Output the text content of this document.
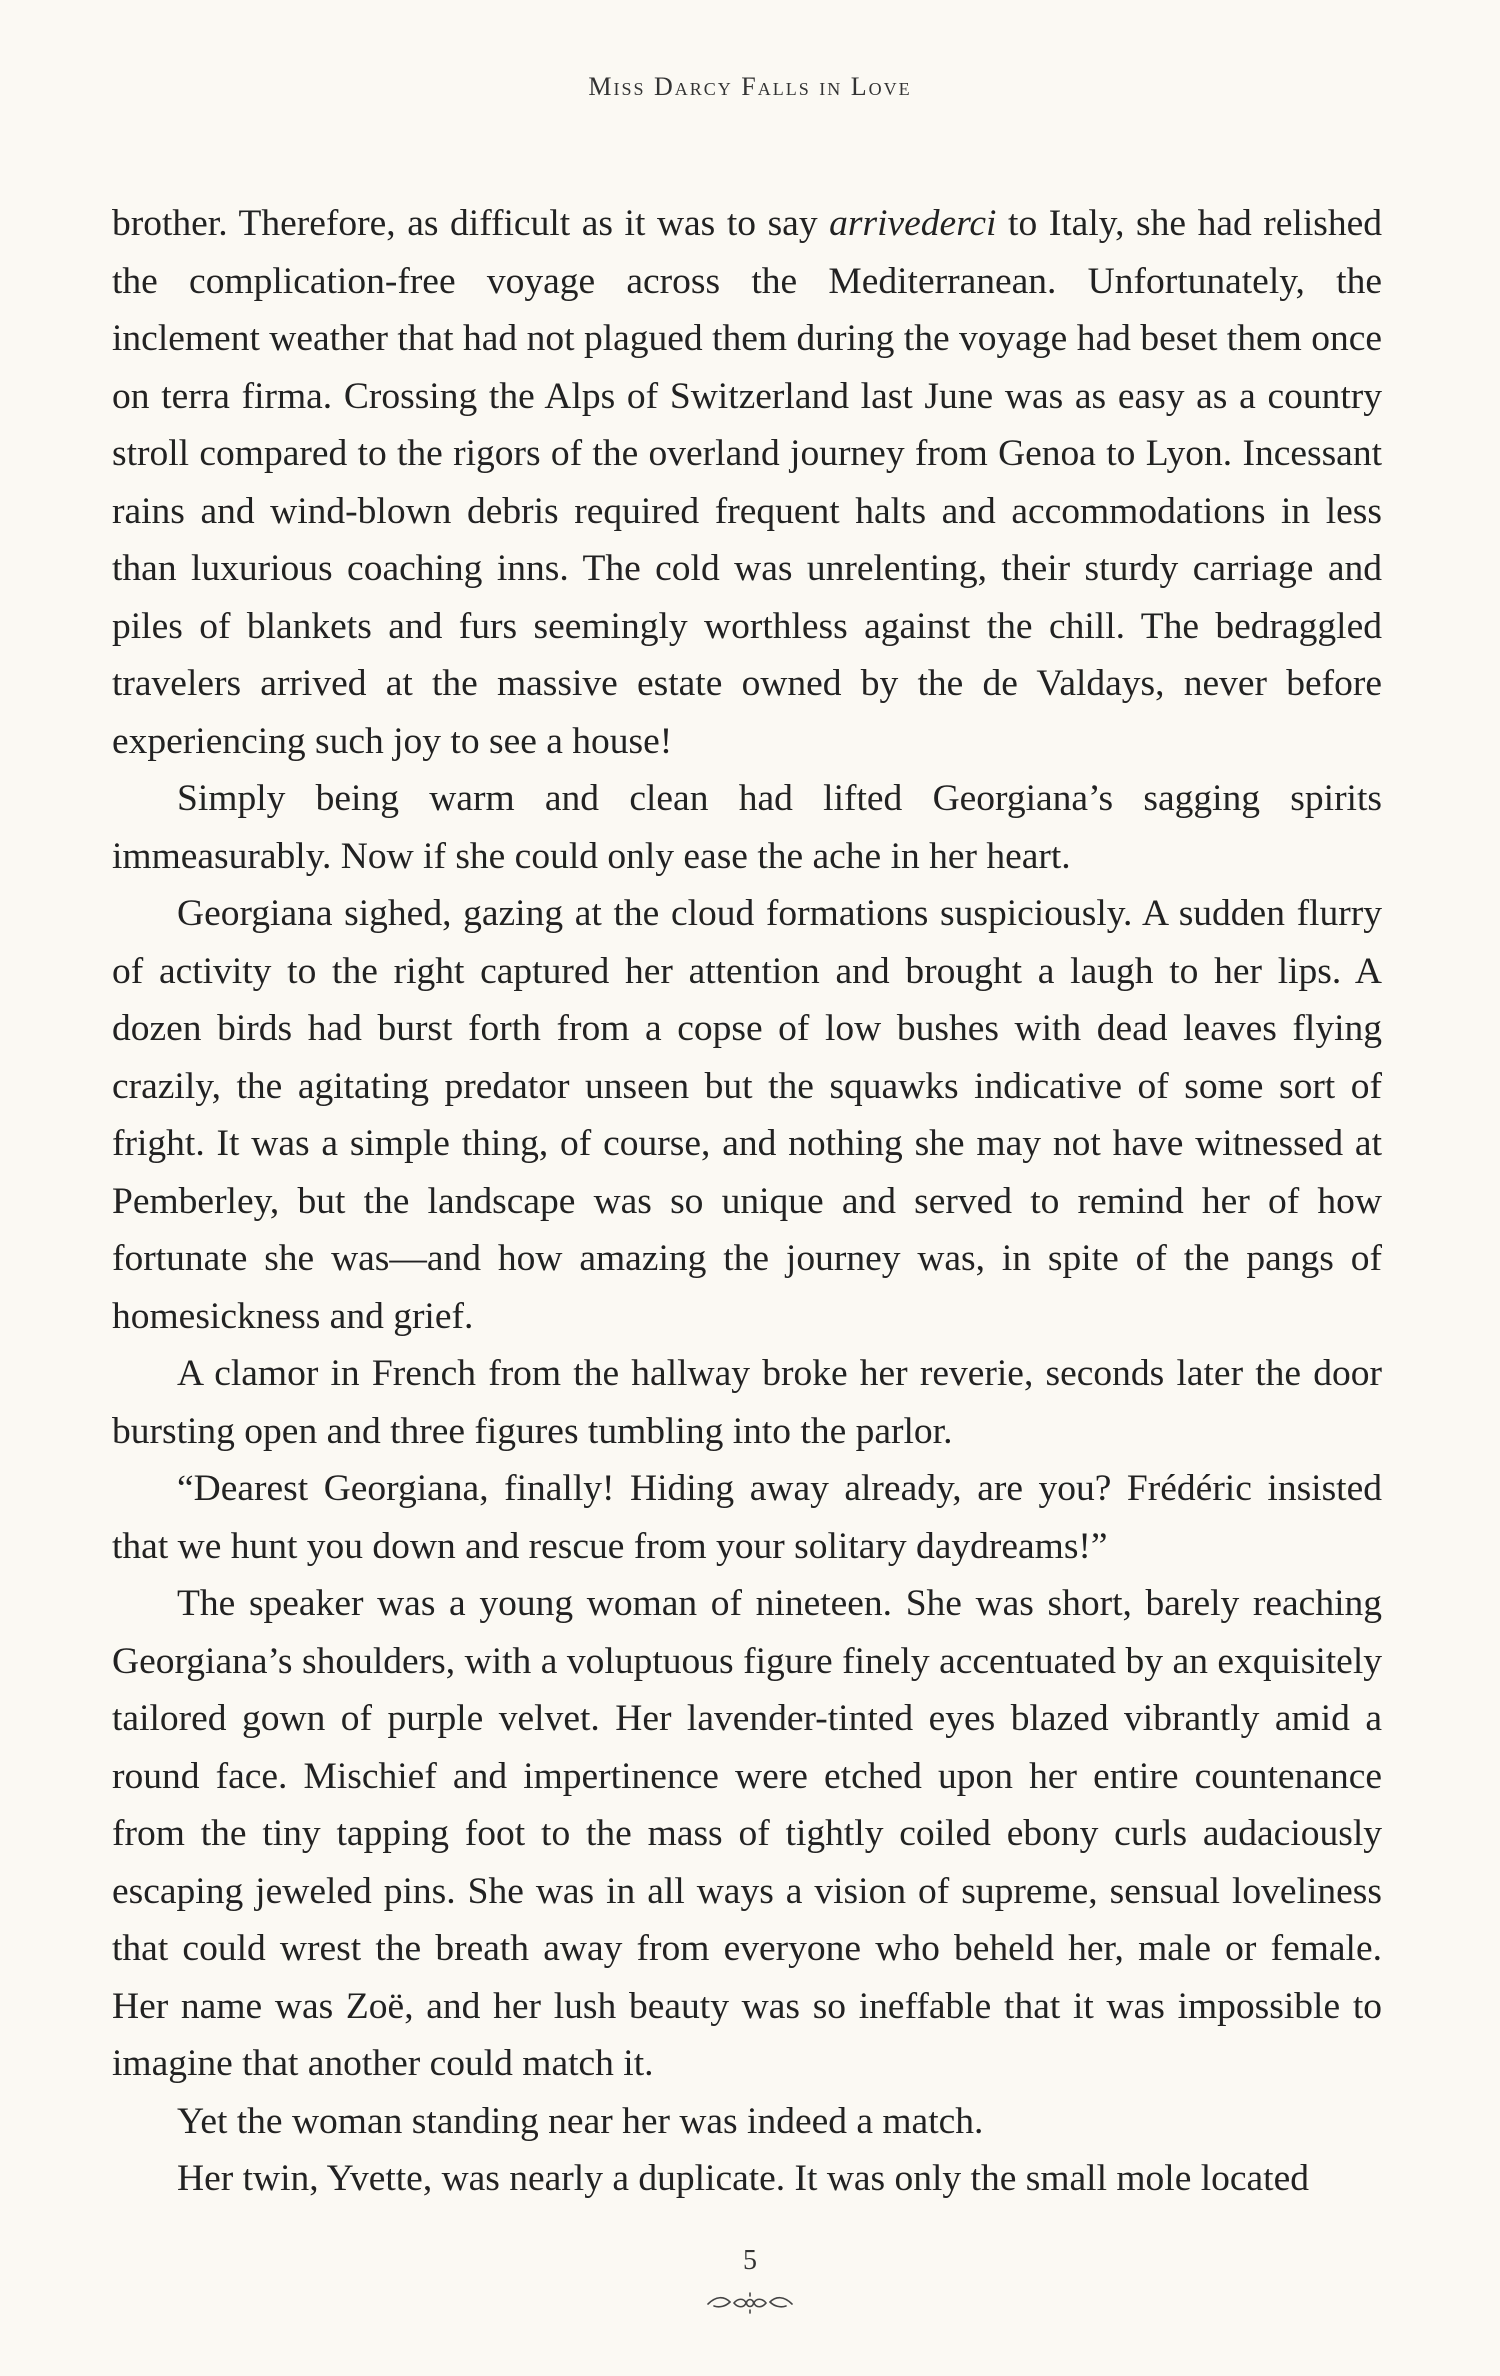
Miss Darcy Falls in Love

brother. Therefore, as difficult as it was to say arrivederci to Italy, she had relished the complication-free voyage across the Mediterranean. Unfortunately, the inclement weather that had not plagued them during the voyage had beset them once on terra firma. Crossing the Alps of Switzerland last June was as easy as a country stroll compared to the rigors of the overland journey from Genoa to Lyon. Incessant rains and wind-blown debris required frequent halts and accommodations in less than luxurious coaching inns. The cold was unrelenting, their sturdy carriage and piles of blankets and furs seemingly worthless against the chill. The bedraggled travelers arrived at the massive estate owned by the de Valdays, never before experiencing such joy to see a house!

Simply being warm and clean had lifted Georgiana’s sagging spirits immeasurably. Now if she could only ease the ache in her heart.

Georgiana sighed, gazing at the cloud formations suspiciously. A sudden flurry of activity to the right captured her attention and brought a laugh to her lips. A dozen birds had burst forth from a copse of low bushes with dead leaves flying crazily, the agitating predator unseen but the squawks indicative of some sort of fright. It was a simple thing, of course, and nothing she may not have witnessed at Pemberley, but the landscape was so unique and served to remind her of how fortunate she was—and how amazing the journey was, in spite of the pangs of homesickness and grief.

A clamor in French from the hallway broke her reverie, seconds later the door bursting open and three figures tumbling into the parlor.

“Dearest Georgiana, finally! Hiding away already, are you? Frédéric insisted that we hunt you down and rescue from your solitary daydreams!”

The speaker was a young woman of nineteen. She was short, barely reaching Georgiana’s shoulders, with a voluptuous figure finely accentuated by an exquisitely tailored gown of purple velvet. Her lavender-tinted eyes blazed vibrantly amid a round face. Mischief and impertinence were etched upon her entire countenance from the tiny tapping foot to the mass of tightly coiled ebony curls audaciously escaping jeweled pins. She was in all ways a vision of supreme, sensual loveliness that could wrest the breath away from everyone who beheld her, male or female. Her name was Zoë, and her lush beauty was so ineffable that it was impossible to imagine that another could match it.

Yet the woman standing near her was indeed a match.

Her twin, Yvette, was nearly a duplicate. It was only the small mole located

5
